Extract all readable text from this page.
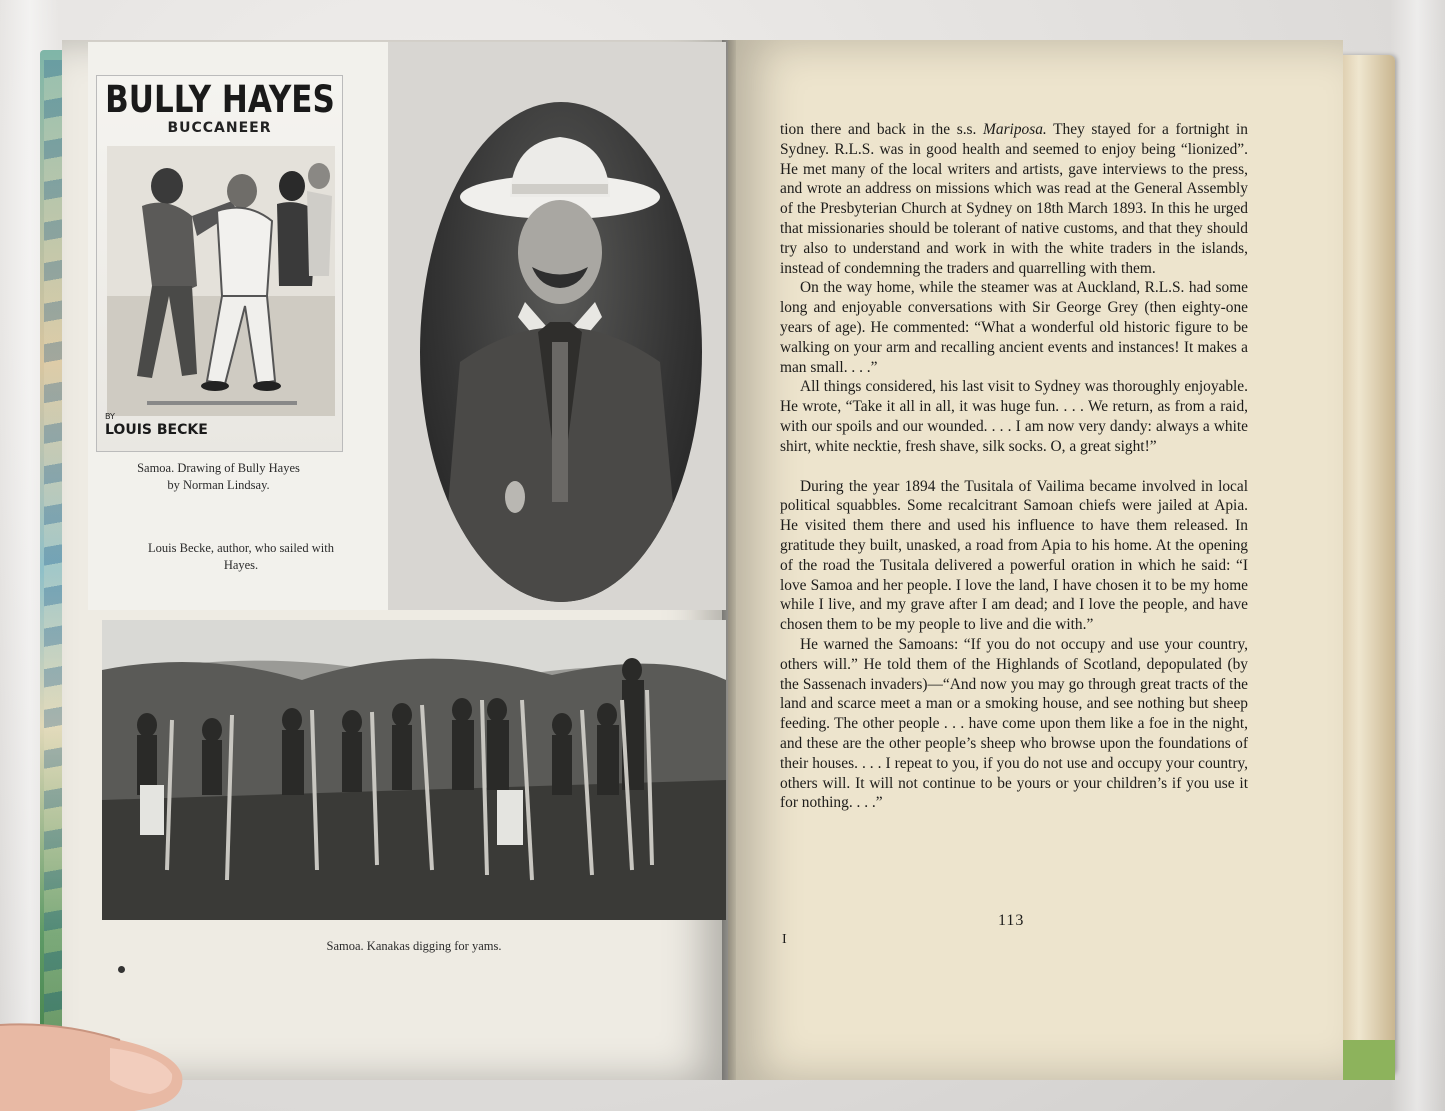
BULLY HAYES
BUCCANEER
BY
LOUIS BECKE
Samoa. Drawing of Bully Hayes
by Norman Lindsay.
Louis Becke, author, who sailed with
Hayes.
Samoa. Kanakas digging for yams.

tion there and back in the s.s. Mariposa. They stayed for a fortnight in Sydney. R.L.S. was in good health and seemed to enjoy being “lionized”. He met many of the local writers and artists, gave interviews to the press, and wrote an address on missions which was read at the General Assembly of the Presbyterian Church at Sydney on 18th March 1893. In this he urged that missionaries should be tolerant of native customs, and that they should try also to understand and work in with the white traders in the islands, instead of condemning the traders and quarrelling with them.

On the way home, while the steamer was at Auckland, R.L.S. had some long and enjoyable conversations with Sir George Grey (then eighty-one years of age). He commented: “What a wonderful old historic figure to be walking on your arm and recalling ancient events and instances! It makes a man small. . . .”

All things considered, his last visit to Sydney was thoroughly enjoyable. He wrote, “Take it all in all, it was huge fun. . . . We return, as from a raid, with our spoils and our wounded. . . . I am now very dandy: always a white shirt, white necktie, fresh shave, silk socks. O, a great sight!”

During the year 1894 the Tusitala of Vailima became involved in local political squabbles. Some recalcitrant Samoan chiefs were jailed at Apia. He visited them there and used his influence to have them released. In gratitude they built, unasked, a road from Apia to his home. At the opening of the road the Tusitala delivered a powerful oration in which he said: “I love Samoa and her people. I love the land, I have chosen it to be my home while I live, and my grave after I am dead; and I love the people, and have chosen them to be my people to live and die with.”

He warned the Samoans: “If you do not occupy and use your country, others will.” He told them of the Highlands of Scotland, depopulated (by the Sassenach invaders)—“And now you may go through great tracts of the land and scarce meet a man or a smoking house, and see nothing but sheep feeding. The other people . . . have come upon them like a foe in the night, and these are the other people’s sheep who browse upon the foundations of their houses. . . . I repeat to you, if you do not use and occupy your country, others will. It will not continue to be yours or your children’s if you use it for nothing. . . .”

113
I
